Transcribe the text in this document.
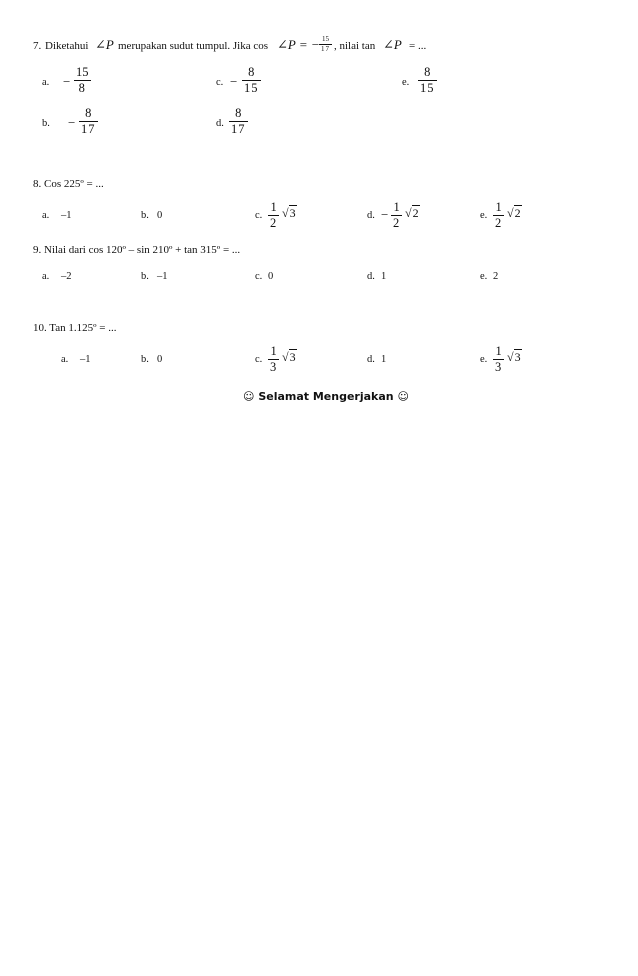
7. Diketahui ∠P merupakan sudut tumpul. Jika cos ∠P = − 15
17 , nilai tan ∠P = ...
a. −
15
8	c. −
8
15	e.
8
15
b. −
8
17	d.
8
17
8. Cos 225º = ...
a. –1	b. 0	c.
1
2
√3	d. − 1
2
√2	e.
1
2
√2
9. Nilai dari cos 120º – sin 210º + tan 315º = ...
a. –2	b. –1	c. 0	d. 1	e. 2
10. Tan 1.125º = ...
a. –1	b. 0	c.
1
3
√3	d. 1	e.
1
3
√3
☺ Selamat Mengerjakan ☺
